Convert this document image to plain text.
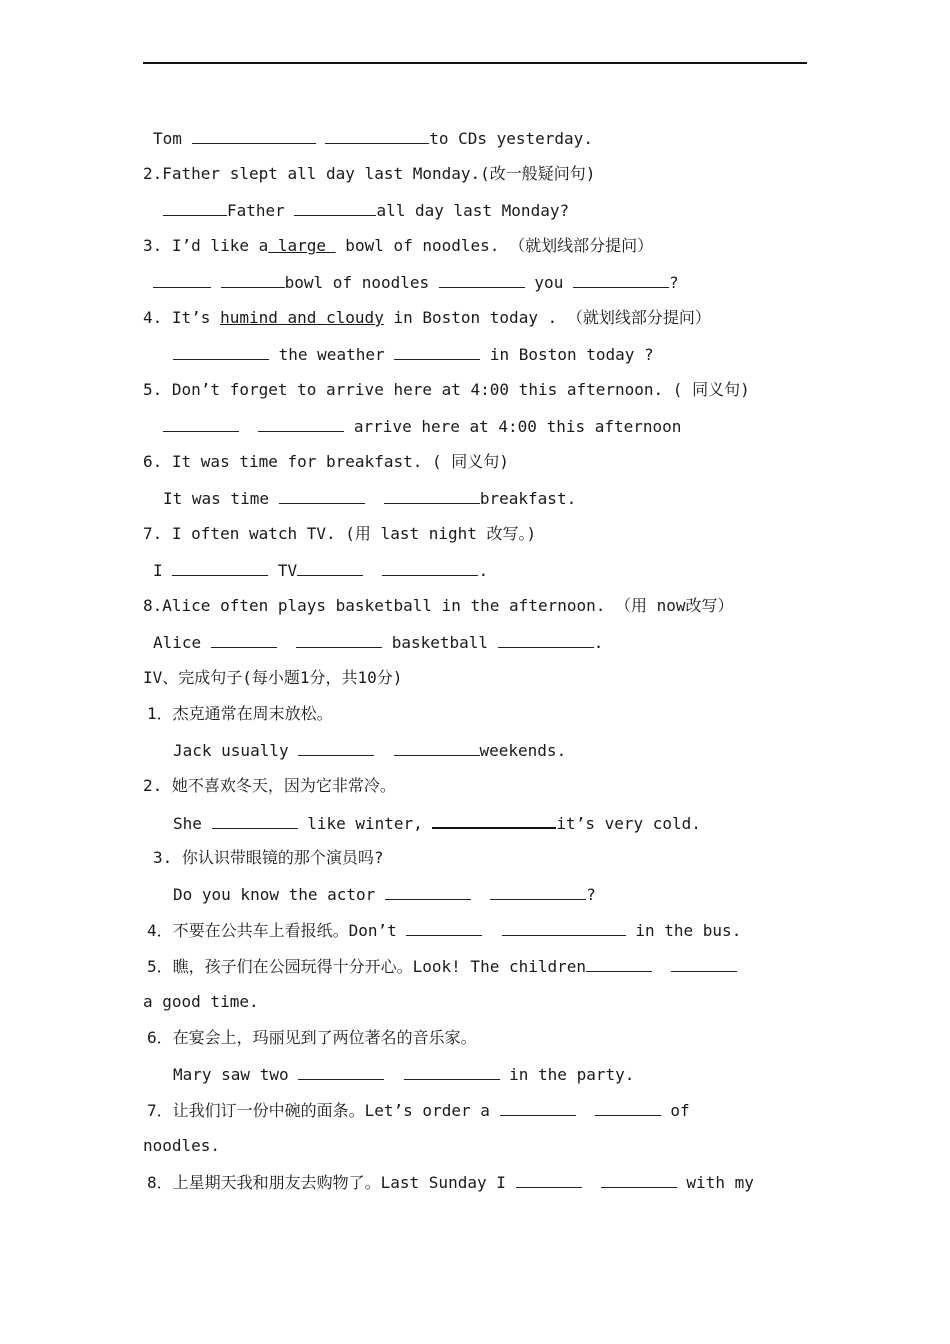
Tom	to CDs yesterday.
2.Father slept all day last Monday.(改一般疑问句)
Father	all day last Monday?
3. I’d like a large  bowl of noodles. （就划线部分提问）
bowl of noodles	you	?
4. It’s humind and cloudy in Boston today . （就划线部分提问）
the weather	in Boston today ?
5. Don’t forget to arrive here at 4:00 this afternoon. ( 同义句)
arrive here at 4:00 this afternoon
6. It was time for breakfast. ( 同义句)
It was time	breakfast.
7. I often watch TV. (用 last night 改写。)
I	TV	.
8.Alice often plays basketball in the afternoon. （用 now改写）
Alice	basketball	.
IV、完成句子(每小题1分，共10分)
1．杰克通常在周末放松。
Jack usually	weekends.
2. 她不喜欢冬天，因为它非常冷。
She	like winter,	it’s very cold.
3. 你认识带眼镜的那个演员吗?
Do you know the actor	?
4．不要在公共车上看报纸。Don’t	in the bus.
5．瞧，孩子们在公园玩得十分开心。Look! The children
a good time.
6．在宴会上，玛丽见到了两位著名的音乐家。
Mary saw two	in the party.
7．让我们订一份中碗的面条。Let’s order a	of
noodles.
8．上星期天我和朋友去购物了。Last Sunday I	with my
